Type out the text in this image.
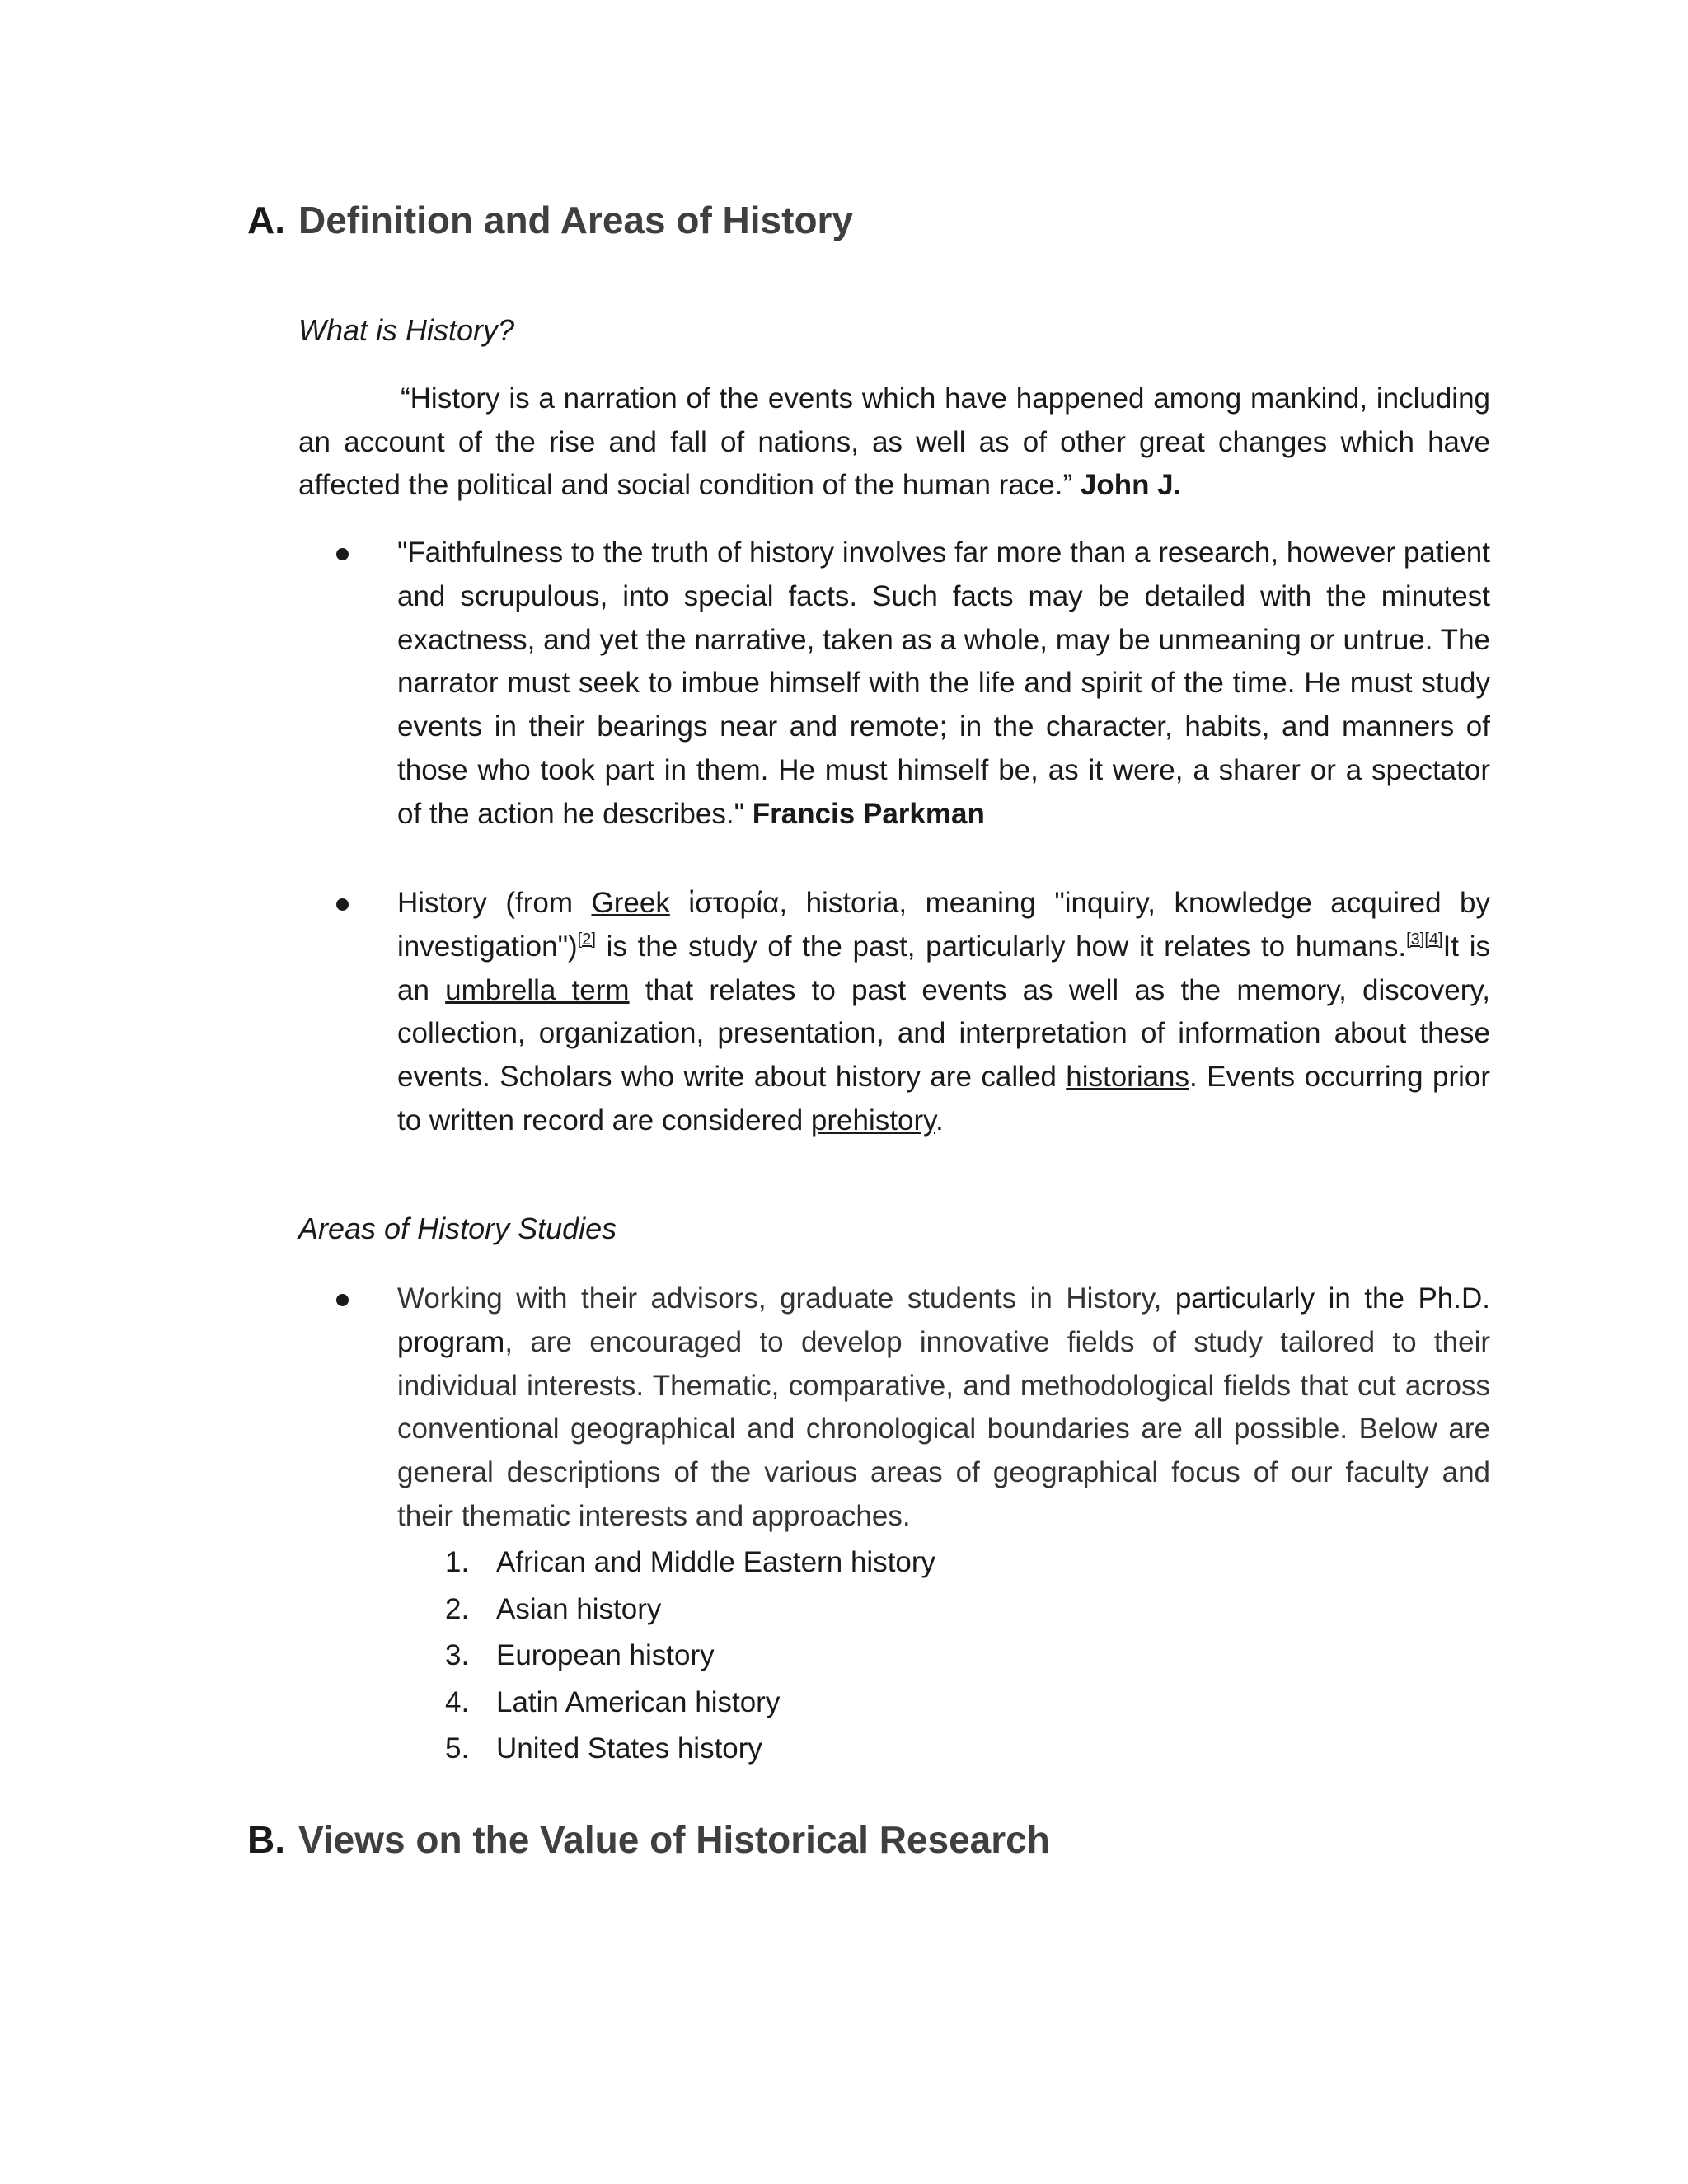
A. Definition and Areas of History
What is History?
“History is a narration of the events which have happened among mankind, including an account of the rise and fall of nations, as well as of other great changes which have affected the political and social condition of the human race.” John J.
"Faithfulness to the truth of history involves far more than a research, however patient and scrupulous, into special facts. Such facts may be detailed with the minutest exactness, and yet the narrative, taken as a whole, may be unmeaning or untrue. The narrator must seek to imbue himself with the life and spirit of the time. He must study events in their bearings near and remote; in the character, habits, and manners of those who took part in them. He must himself be, as it were, a sharer or a spectator of the action he describes." Francis Parkman
History (from Greek ἱστορία, historia, meaning "inquiry, knowledge acquired by investigation")[2] is the study of the past, particularly how it relates to humans.[3][4]It is an umbrella term that relates to past events as well as the memory, discovery, collection, organization, presentation, and interpretation of information about these events. Scholars who write about history are called historians. Events occurring prior to written record are considered prehistory.
Areas of History Studies
Working with their advisors, graduate students in History, particularly in the Ph.D. program, are encouraged to develop innovative fields of study tailored to their individual interests. Thematic, comparative, and methodological fields that cut across conventional geographical and chronological boundaries are all possible. Below are general descriptions of the various areas of geographical focus of our faculty and their thematic interests and approaches.
1. African and Middle Eastern history
2. Asian history
3. European history
4. Latin American history
5. United States history
B. Views on the Value of Historical Research
